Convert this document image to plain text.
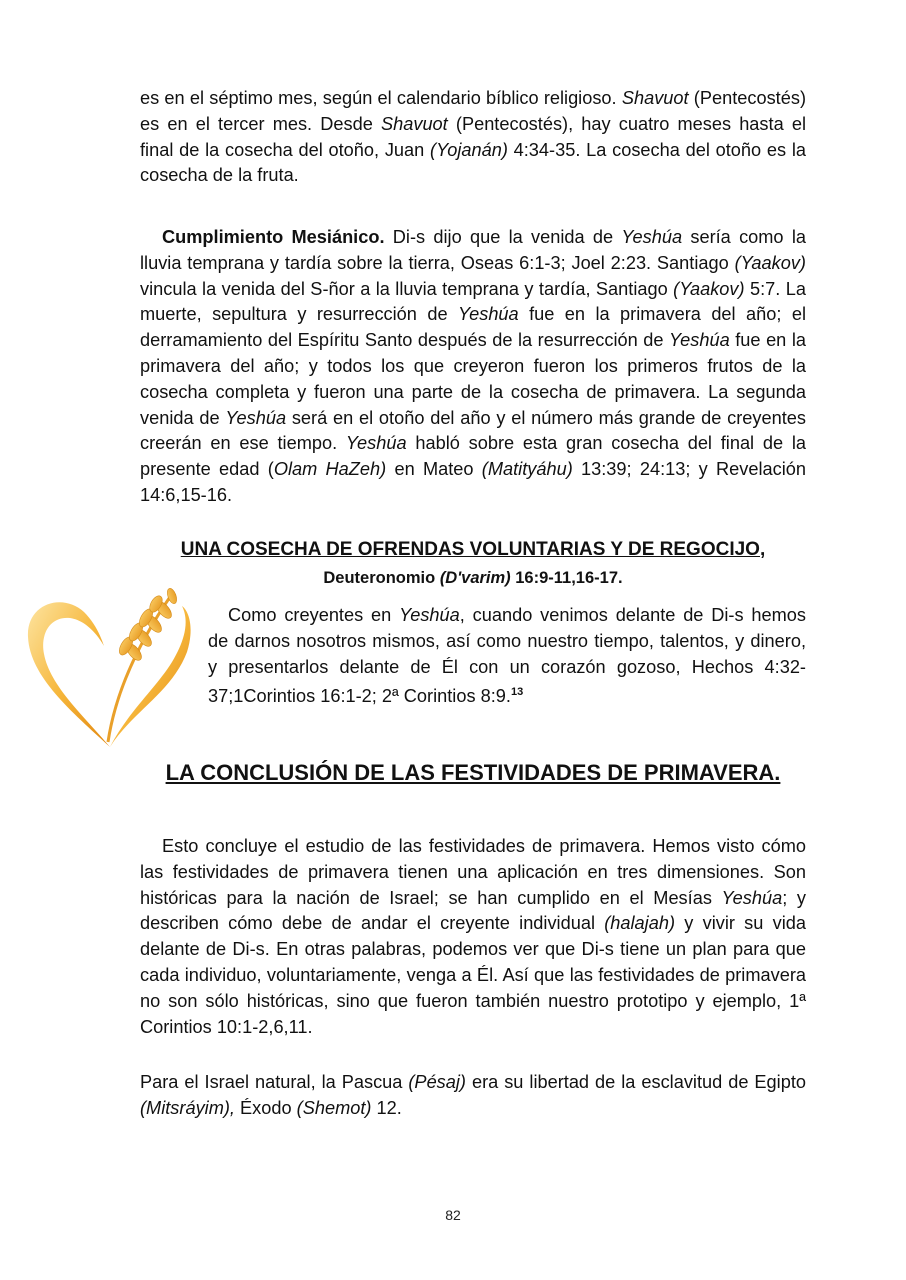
es en el séptimo mes, según el calendario bíblico religioso. Shavuot (Pentecostés) es en el tercer mes. Desde Shavuot (Pentecostés), hay cuatro meses hasta el final de la cosecha del otoño, Juan (Yojanán) 4:34-35. La cosecha del otoño es la cosecha de la fruta.

Cumplimiento Mesiánico. Di-s dijo que la venida de Yeshúa sería como la lluvia temprana y tardía sobre la tierra, Oseas 6:1-3; Joel 2:23. Santiago (Yaakov) vincula la venida del S-ñor a la lluvia temprana y tardía, Santiago (Yaakov) 5:7. La muerte, sepultura y resurrección de Yeshúa fue en la primavera del año; el derramamiento del Espíritu Santo después de la resurrección de Yeshúa fue en la primavera del año; y todos los que creyeron fueron los primeros frutos de la cosecha completa y fueron una parte de la cosecha de primavera. La segunda venida de Yeshúa será en el otoño del año y el número más grande de creyentes creerán en ese tiempo. Yeshúa habló sobre esta gran cosecha del final de la presente edad (Olam HaZeh) en Mateo (Matityáhu) 13:39; 24:13; y Revelación 14:6,15-16.

UNA COSECHA DE OFRENDAS VOLUNTARIAS Y DE REGOCIJO,

Deuteronomio (D'varim) 16:9-11,16-17.

Como creyentes en Yeshúa, cuando venimos delante de Di-s hemos de darnos nosotros mismos, así como nuestro tiempo, talentos, y dinero, y presentarlos delante de Él con un corazón gozoso, Hechos 4:32-37;1Corintios 16:1-2; 2ª Corintios 8:9.13

LA CONCLUSIÓN DE LAS FESTIVIDADES DE PRIMAVERA.

Esto concluye el estudio de las festividades de primavera. Hemos visto cómo las festividades de primavera tienen una aplicación en tres dimensiones. Son históricas para la nación de Israel; se han cumplido en el Mesías Yeshúa; y describen cómo debe de andar el creyente individual (halajah) y vivir su vida delante de Di-s. En otras palabras, podemos ver que Di-s tiene un plan para que cada individuo, voluntariamente, venga a Él. Así que las festividades de primavera no son sólo históricas, sino que fueron también nuestro prototipo y ejemplo, 1ª Corintios 10:1-2,6,11.

Para el Israel natural, la Pascua (Pésaj) era su libertad de la esclavitud de Egipto (Mitsráyim), Éxodo (Shemot) 12.

82
